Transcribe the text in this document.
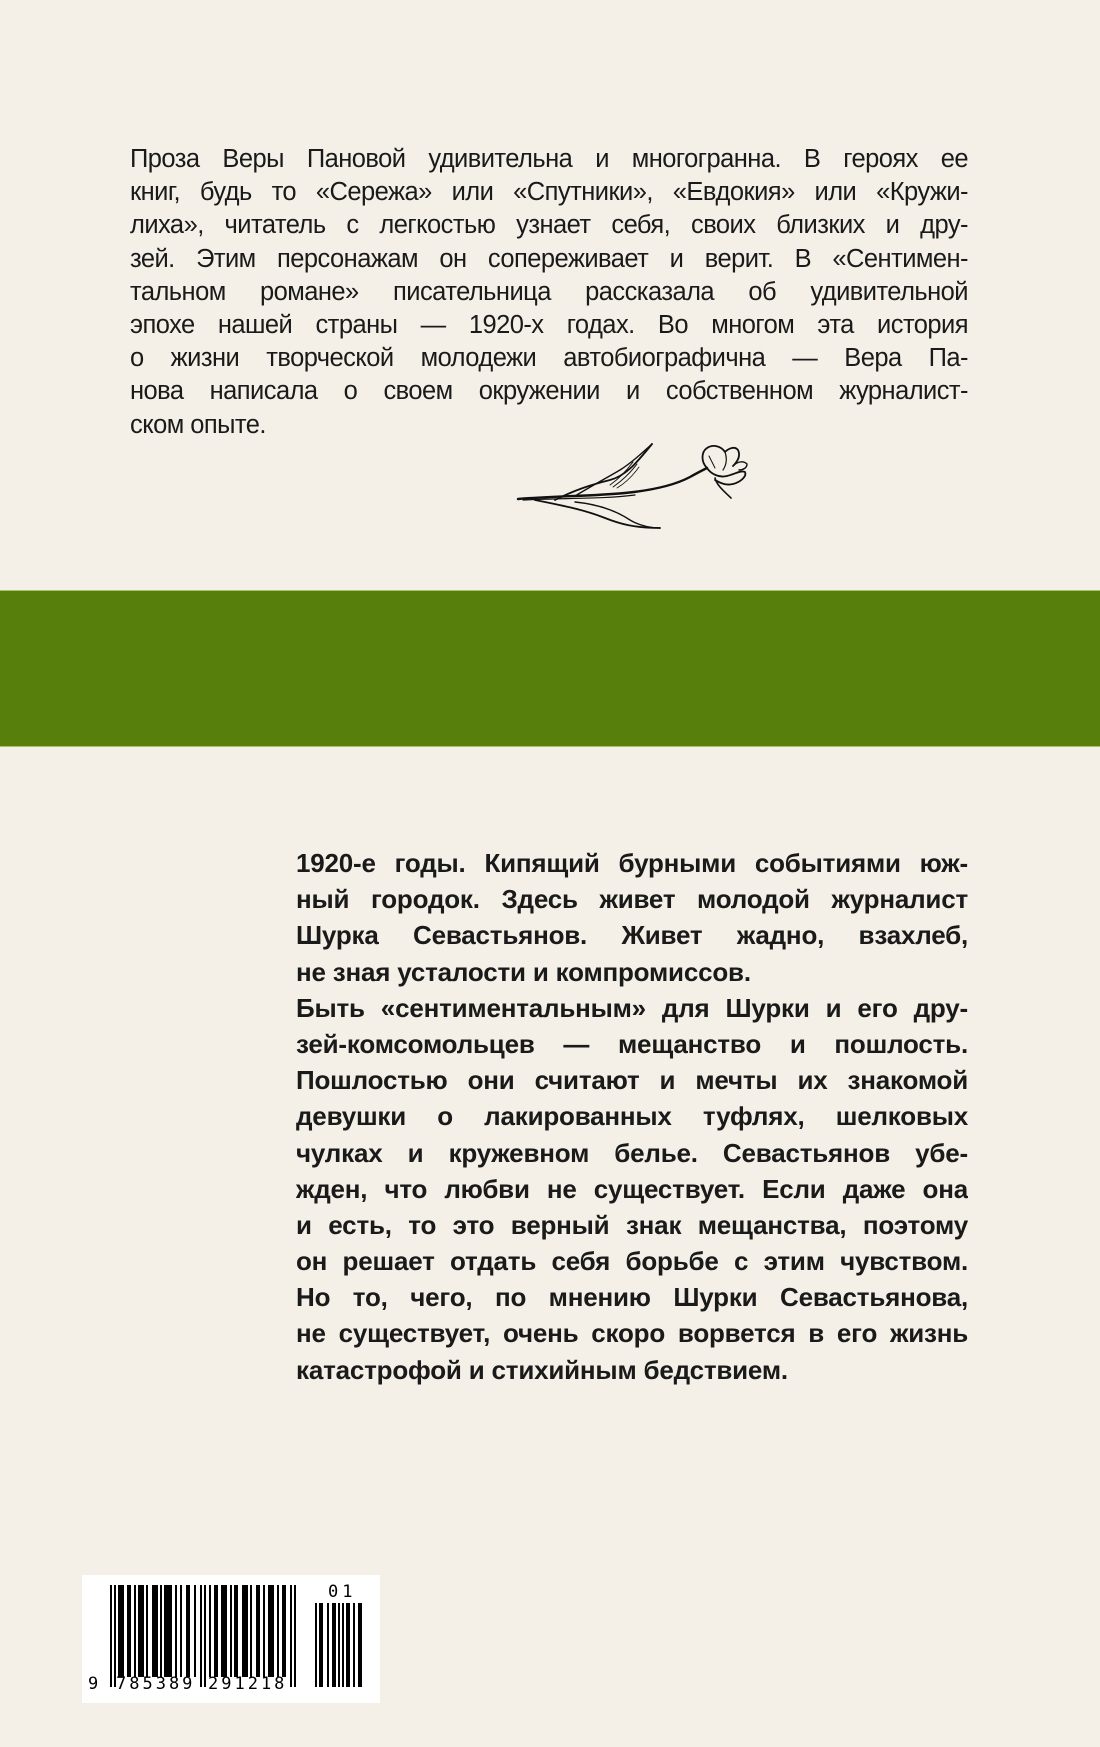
Проза Веры Пановой удивительна и многогранна. В героях ее
книг, будь то «Сережа» или «Спутники», «Евдокия» или «Кружи-
лиха», читатель с легкостью узнает себя, своих близких и дру-
зей. Этим персонажам он сопереживает и верит. В «Сентимен-
тальном романе» писательница рассказала об удивительной
эпохе нашей страны — 1920-х годах. Во многом эта история
о жизни творческой молодежи автобиографична — Вера Па-
нова написала о своем окружении и собственном журналист-
ском опыте.
1920-е годы. Кипящий бурными событиями юж-
ный городок. Здесь живет молодой журналист
Шурка Севастьянов. Живет жадно, взахлеб,
не зная усталости и компромиссов.
Быть «сентиментальным» для Шурки и его дру-
зей-комсомольцев — мещанство и пошлость.
Пошлостью они считают и мечты их знакомой
девушки о лакированных туфлях, шелковых
чулках и кружевном белье. Севастьянов убе-
жден, что любви не существует. Если даже она
и есть, то это верный знак мещанства, поэтому
он решает отдать себя борьбе с этим чувством.
Но то, чего, по мнению Шурки Севастьянова,
не существует, очень скоро ворвется в его жизнь
катастрофой и стихийным бедствием.
9 785389 291218
01
